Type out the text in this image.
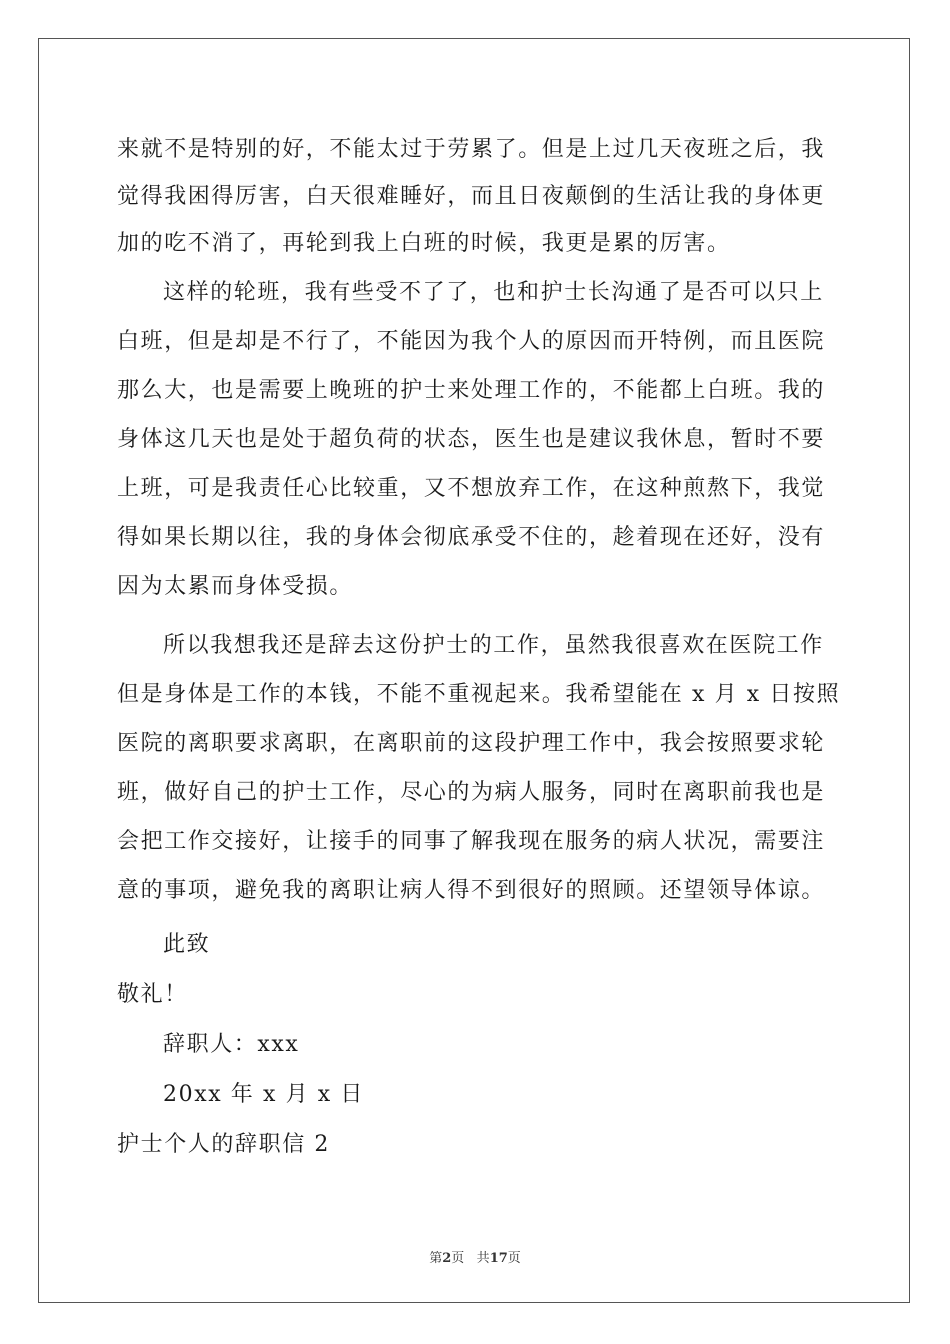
来就不是特别的好，不能太过于劳累了。但是上过几天夜班之后，我
觉得我困得厉害，白天很难睡好，而且日夜颠倒的生活让我的身体更
加的吃不消了，再轮到我上白班的时候，我更是累的厉害。
这样的轮班，我有些受不了了，也和护士长沟通了是否可以只上
白班，但是却是不行了，不能因为我个人的原因而开特例，而且医院
那么大，也是需要上晚班的护士来处理工作的，不能都上白班。我的
身体这几天也是处于超负荷的状态，医生也是建议我休息，暂时不要
上班，可是我责任心比较重，又不想放弃工作，在这种煎熬下，我觉
得如果长期以往，我的身体会彻底承受不住的，趁着现在还好，没有
因为太累而身体受损。
所以我想我还是辞去这份护士的工作，虽然我很喜欢在医院工作
但是身体是工作的本钱，不能不重视起来。我希望能在 x 月 x 日按照
医院的离职要求离职，在离职前的这段护理工作中，我会按照要求轮
班，做好自己的护士工作，尽心的为病人服务，同时在离职前我也是
会把工作交接好，让接手的同事了解我现在服务的病人状况，需要注
意的事项，避免我的离职让病人得不到很好的照顾。还望领导体谅。
此致
敬礼！
辞职人：xxx
20xx 年 x 月 x 日
护士个人的辞职信 2
第2页 共17页
